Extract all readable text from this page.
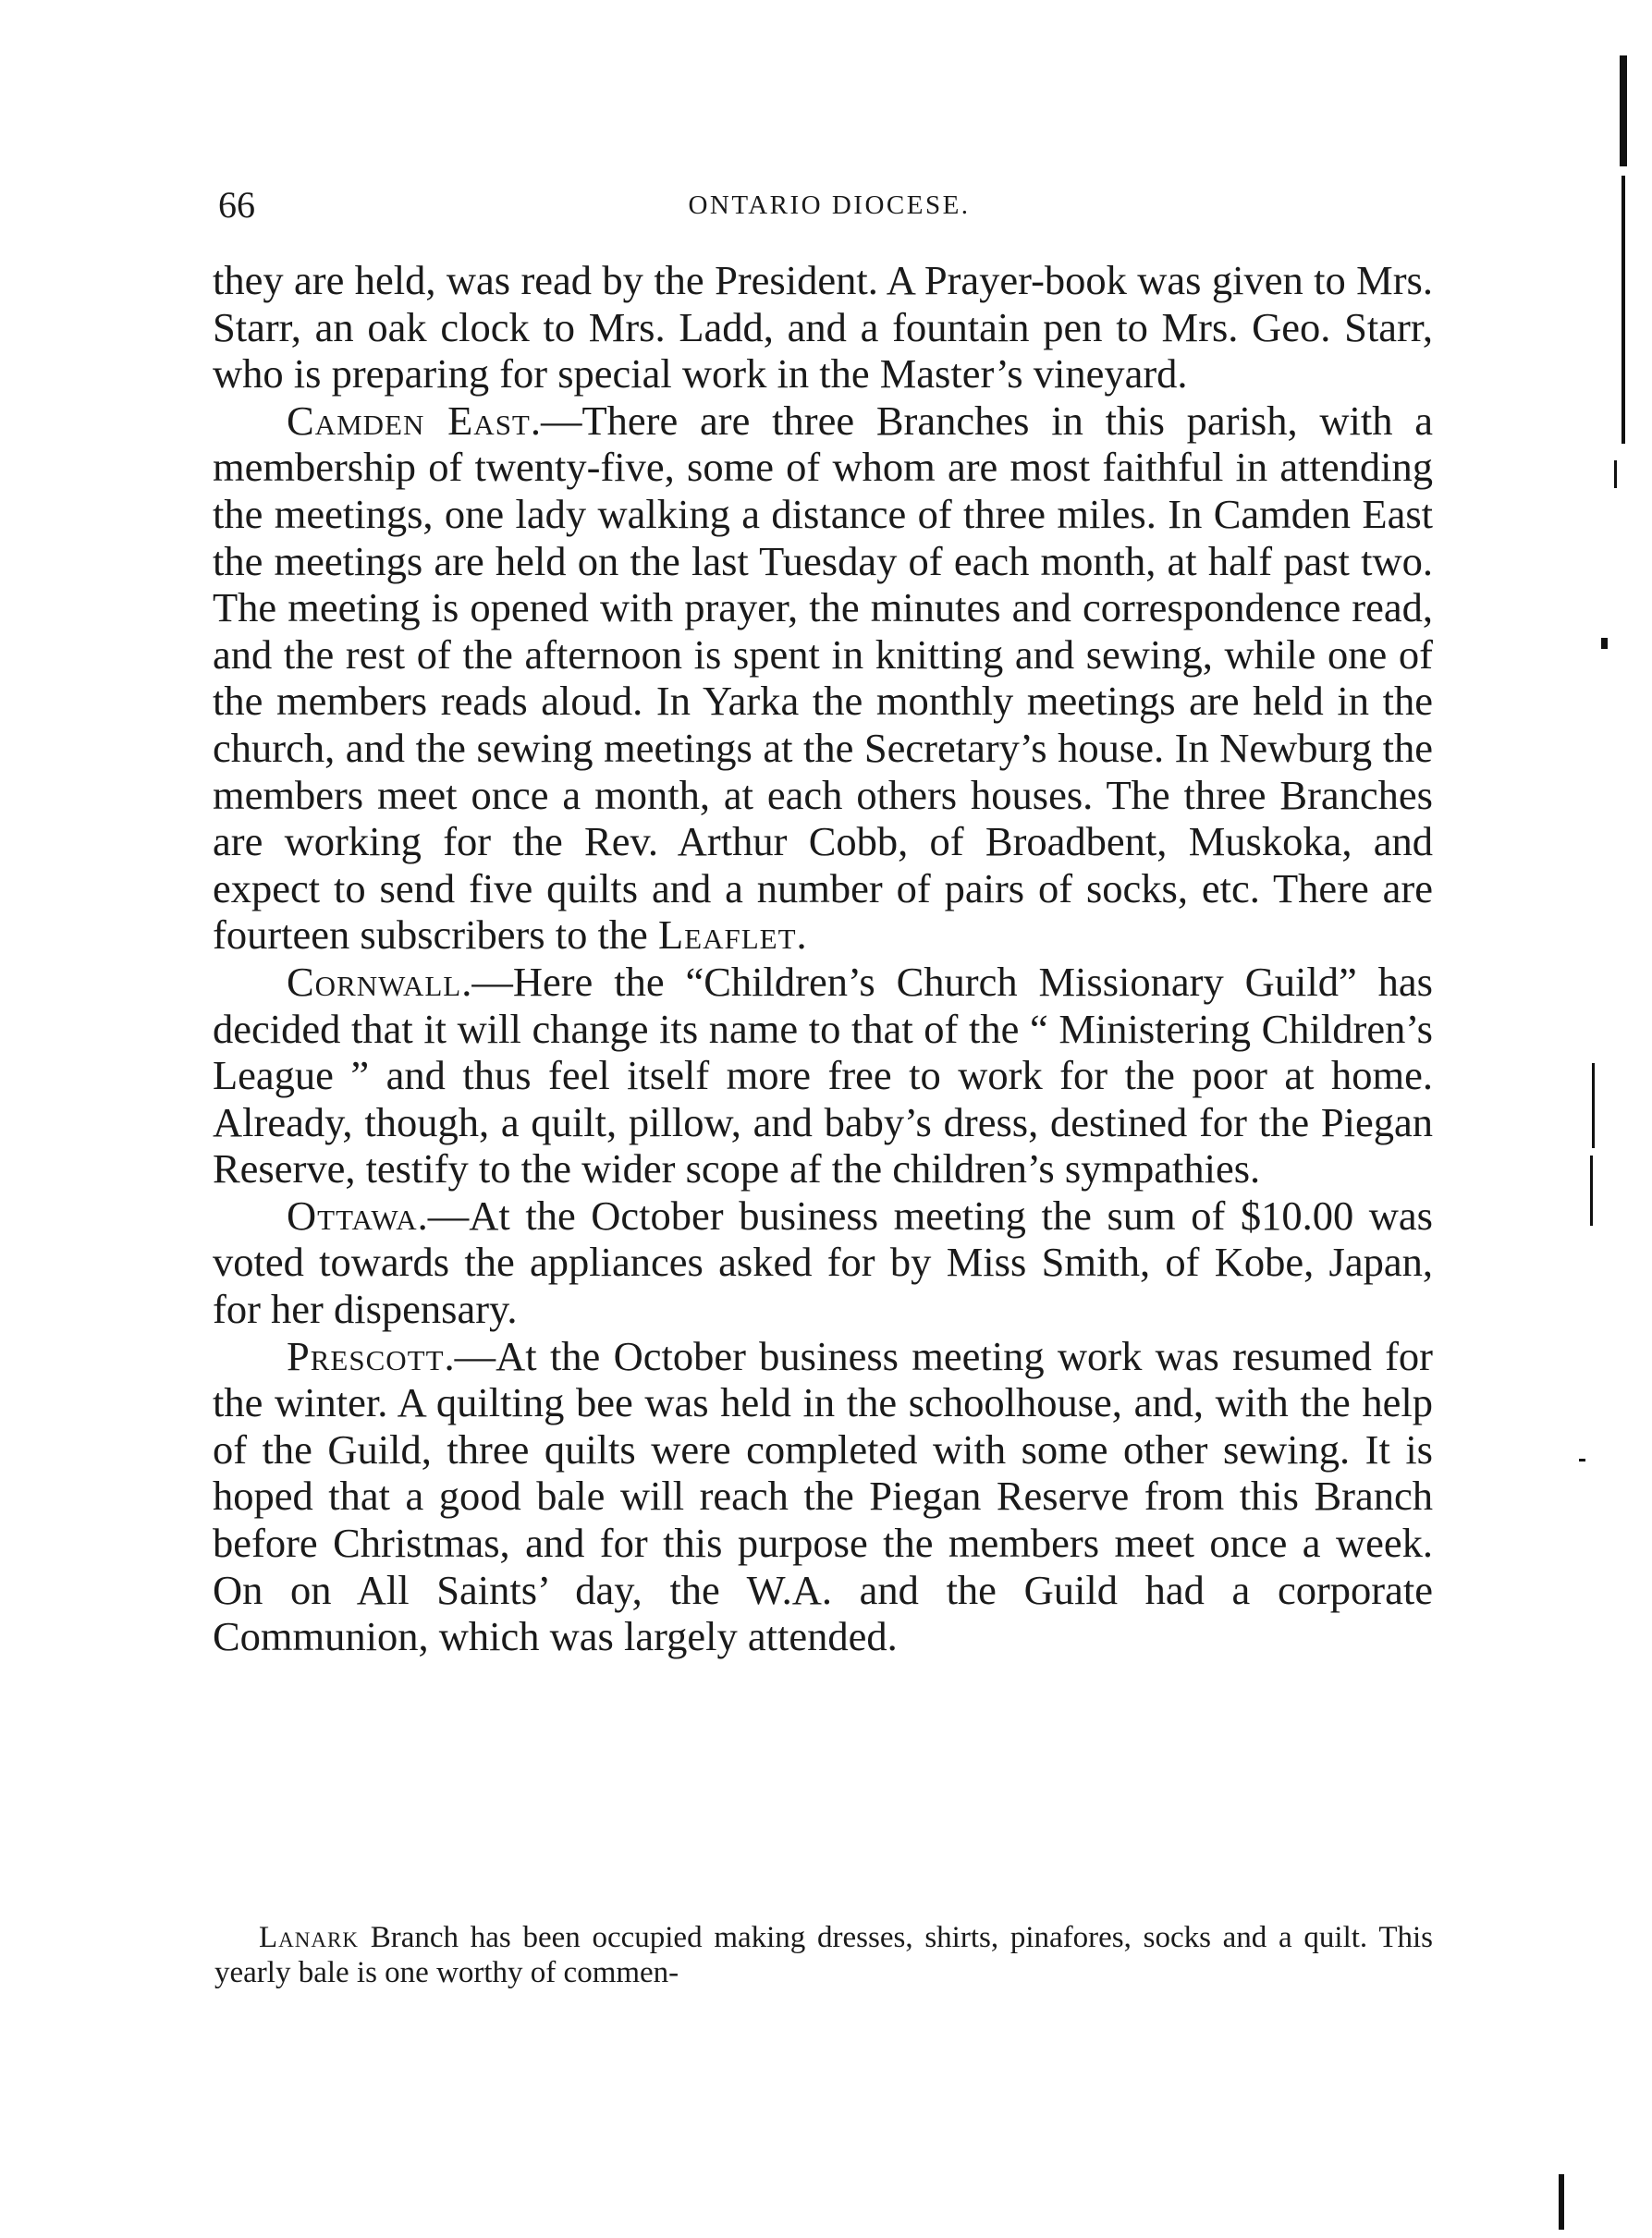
66	ONTARIO DIOCESE.

they are held, was read by the President. A Prayer-book was given to Mrs. Starr, an oak clock to Mrs. Ladd, and a fountain pen to Mrs. Geo. Starr, who is preparing for special work in the Master’s vineyard.

Camden East.—There are three Branches in this parish, with a membership of twenty-five, some of whom are most faithful in attending the meetings, one lady walking a distance of three miles. In Camden East the meetings are held on the last Tuesday of each month, at half past two. The meeting is opened with prayer, the minutes and correspondence read, and the rest of the afternoon is spent in knitting and sewing, while one of the members reads aloud. In Yarka the monthly meetings are held in the church, and the sewing meetings at the Secretary’s house. In Newburg the members meet once a month, at each others houses. The three Branches are working for the Rev. Arthur Cobb, of Broadbent, Muskoka, and expect to send five quilts and a number of pairs of socks, etc. There are fourteen subscribers to the Leaflet.

Cornwall.—Here the “Children’s Church Missionary Guild” has decided that it will change its name to that of the “ Ministering Children’s League ” and thus feel itself more free to work for the poor at home. Already, though, a quilt, pillow, and baby’s dress, destined for the Piegan Reserve, testify to the wider scope af the children’s sympathies.

Ottawa.—At the October business meeting the sum of $10.00 was voted towards the appliances asked for by Miss Smith, of Kobe, Japan, for her dispensary.

Prescott.—At the October business meeting work was resumed for the winter. A quilting bee was held in the schoolhouse, and, with the help of the Guild, three quilts were completed with some other sewing. It is hoped that a good bale will reach the Piegan Reserve from this Branch before Christmas, and for this purpose the members meet once a week. On on All Saints’ day, the W.A. and the Guild had a corporate Communion, which was largely attended.

Lanark Branch has been occupied making dresses, shirts, pinafores, socks and a quilt. This yearly bale is one worthy of commen-
